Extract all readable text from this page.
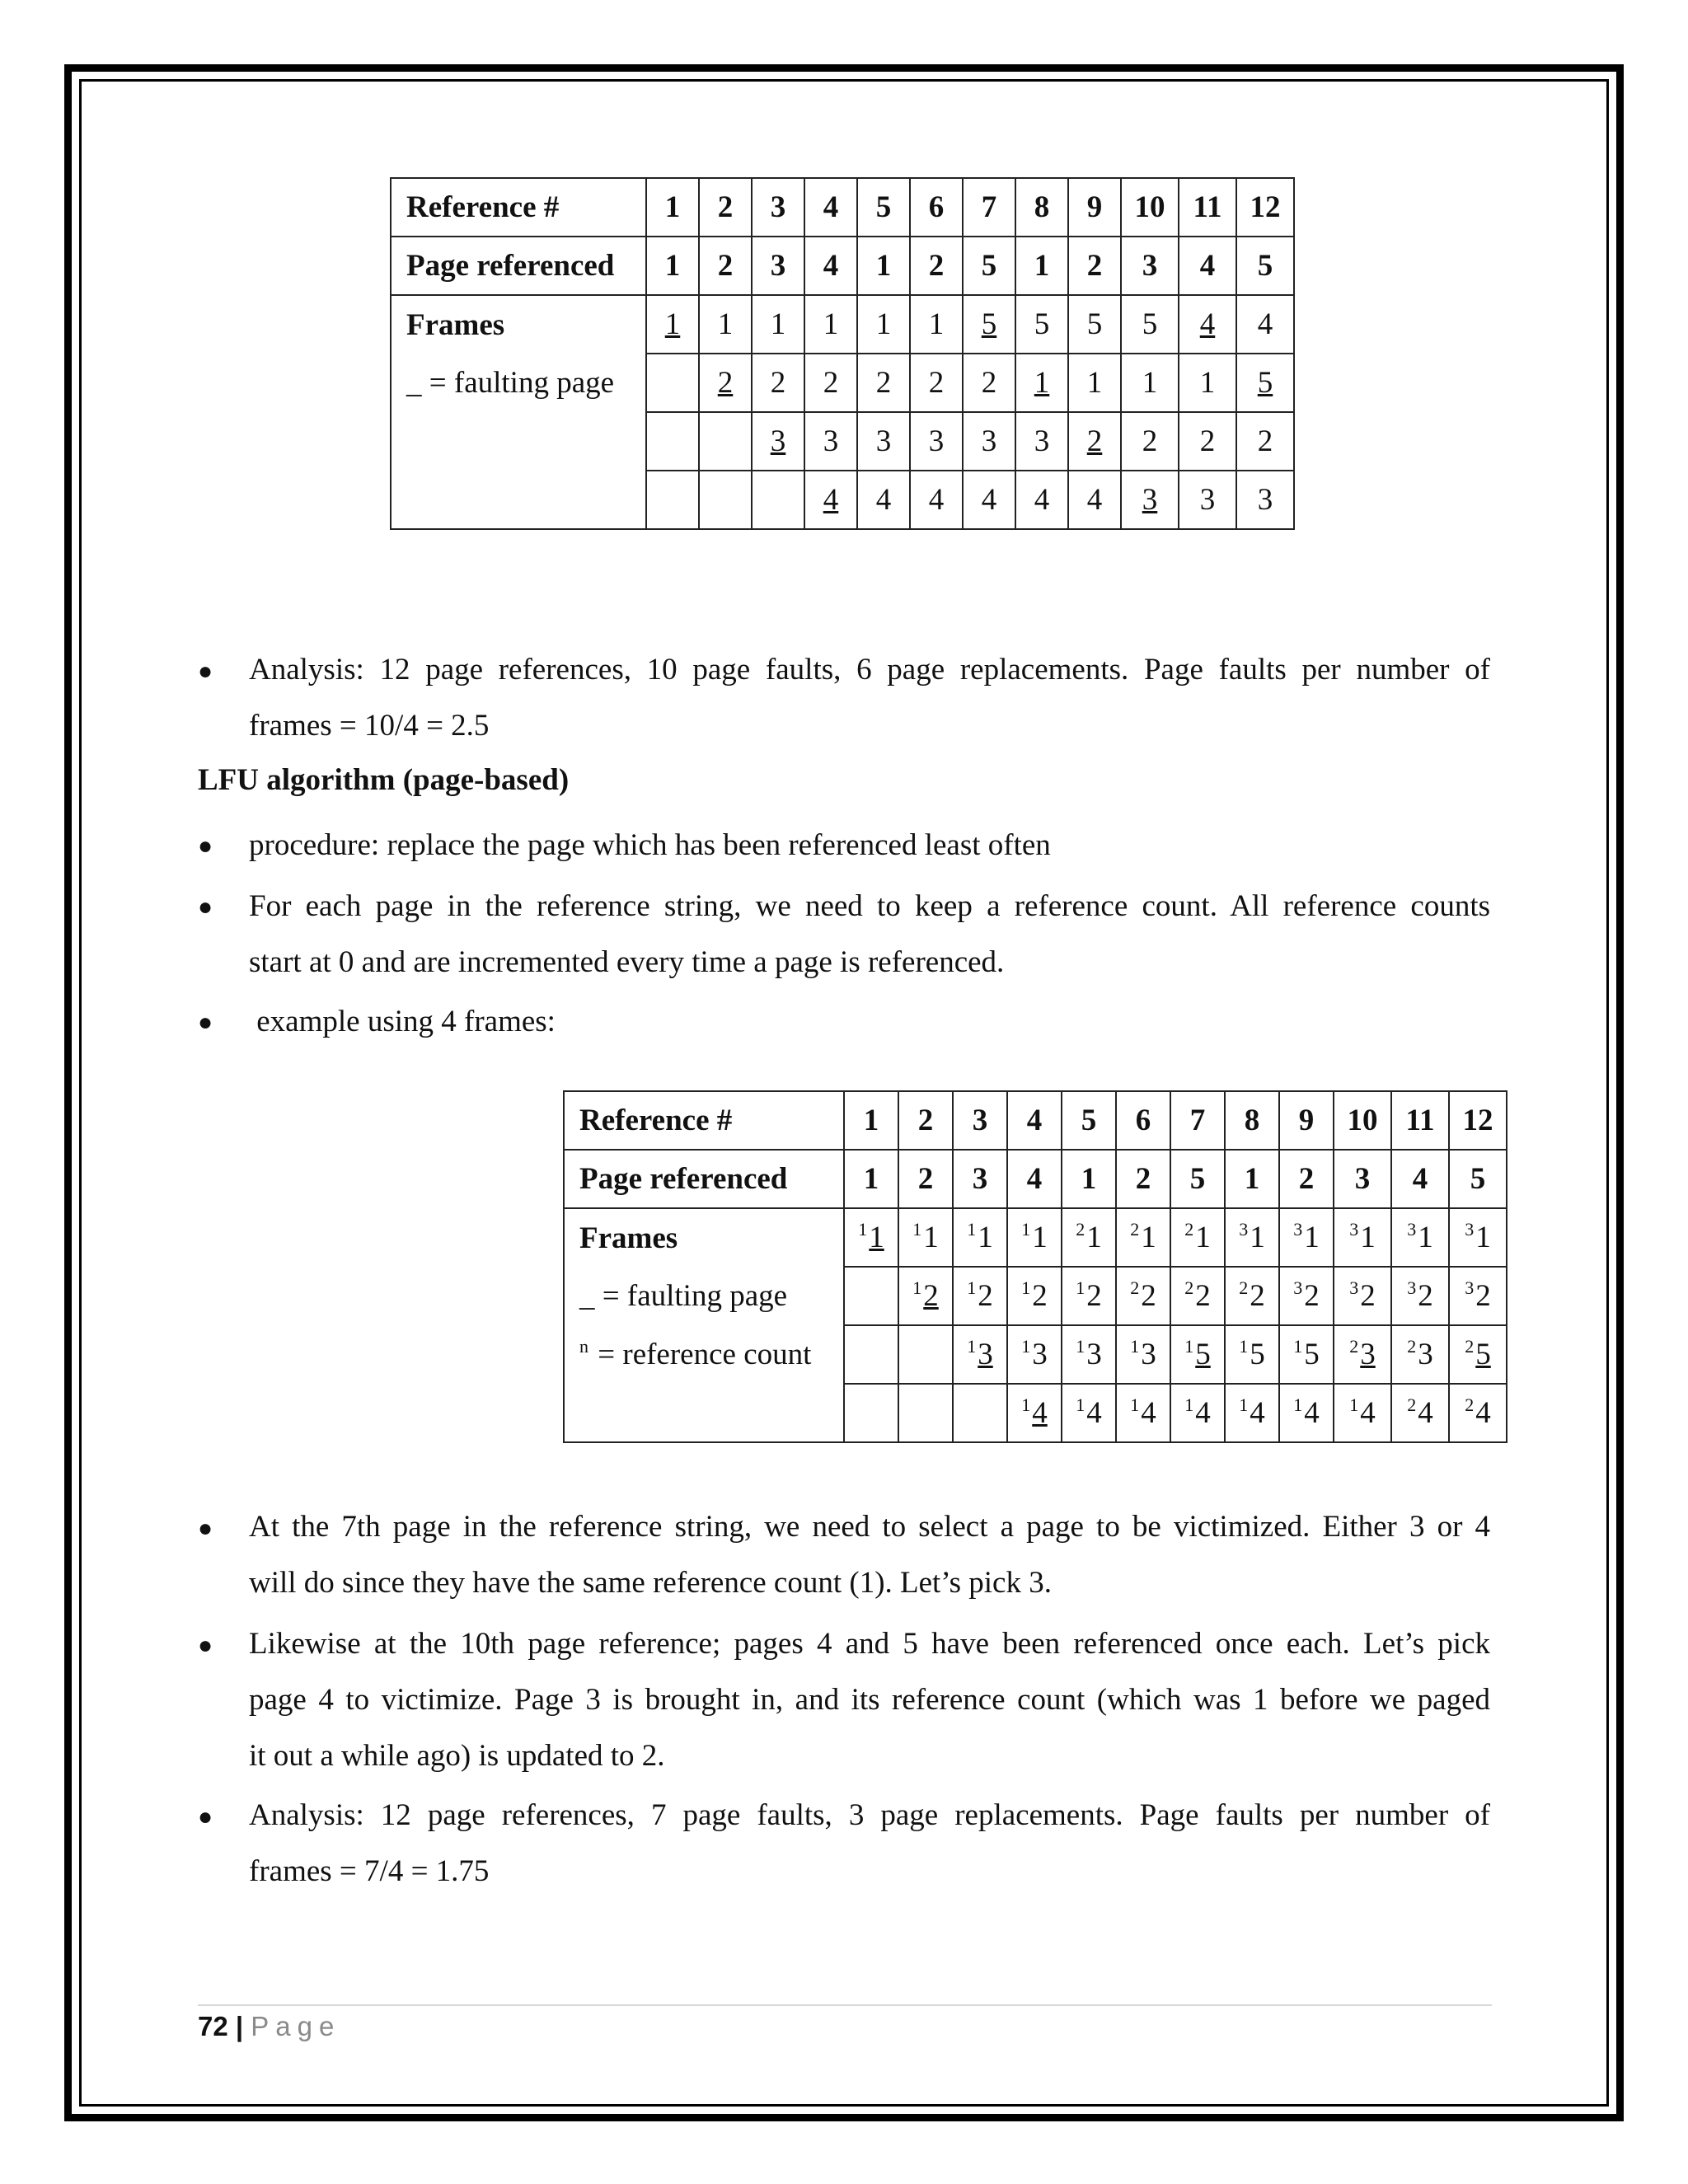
Reference #	1	2	3	4	5	6	7	8	9	10	11	12
Page referenced	1	2	3	4	1	2	5	1	2	3	4	5
Frames	1	1	1	1	1	1	5	5	5	5	4	4
_ = faulting page		2	2	2	2	2	2	1	1	1	1	5
			3	3	3	3	3	3	2	2	2	2
				4	4	4	4	4	4	3	3	3
● Analysis: 12 page references, 10 page faults, 6 page replacements. Page faults per number of
frames = 10/4 = 2.5
LFU algorithm (page-based)
● procedure: replace the page which has been referenced least often
● For each page in the reference string, we need to keep a reference count. All reference counts
start at 0 and are incremented every time a page is referenced.
● example using 4 frames:
Reference #	1	2	3	4	5	6	7	8	9	10	11	12
Page referenced	1	2	3	4	1	2	5	1	2	3	4	5
Frames	$^1$1	$^1$1	$^1$1	$^1$1	$^2$1	$^2$1	$^2$1	$^3$1	$^3$1	$^3$1	$^3$1	$^3$1
_ = faulting page		$^1$2	$^1$2	$^1$2	$^1$2	$^2$2	$^2$2	$^2$2	$^3$2	$^3$2	$^3$2	$^3$2
$^n$ = reference count			$^1$3	$^1$3	$^1$3	$^1$3	$^1$5	$^1$5	$^1$5	$^2$3	$^2$3	$^2$5
				$^1$4	$^1$4	$^1$4	$^1$4	$^1$4	$^1$4	$^1$4	$^2$4	$^2$4
● At the 7th page in the reference string, we need to select a page to be victimized. Either 3 or 4
will do since they have the same reference count (1). Let’s pick 3.
● Likewise at the 10th page reference; pages 4 and 5 have been referenced once each. Let’s pick
page 4 to victimize. Page 3 is brought in, and its reference count (which was 1 before we paged
it out a while ago) is updated to 2.
● Analysis: 12 page references, 7 page faults, 3 page replacements. Page faults per number of
frames = 7/4 = 1.75
72 | Page
